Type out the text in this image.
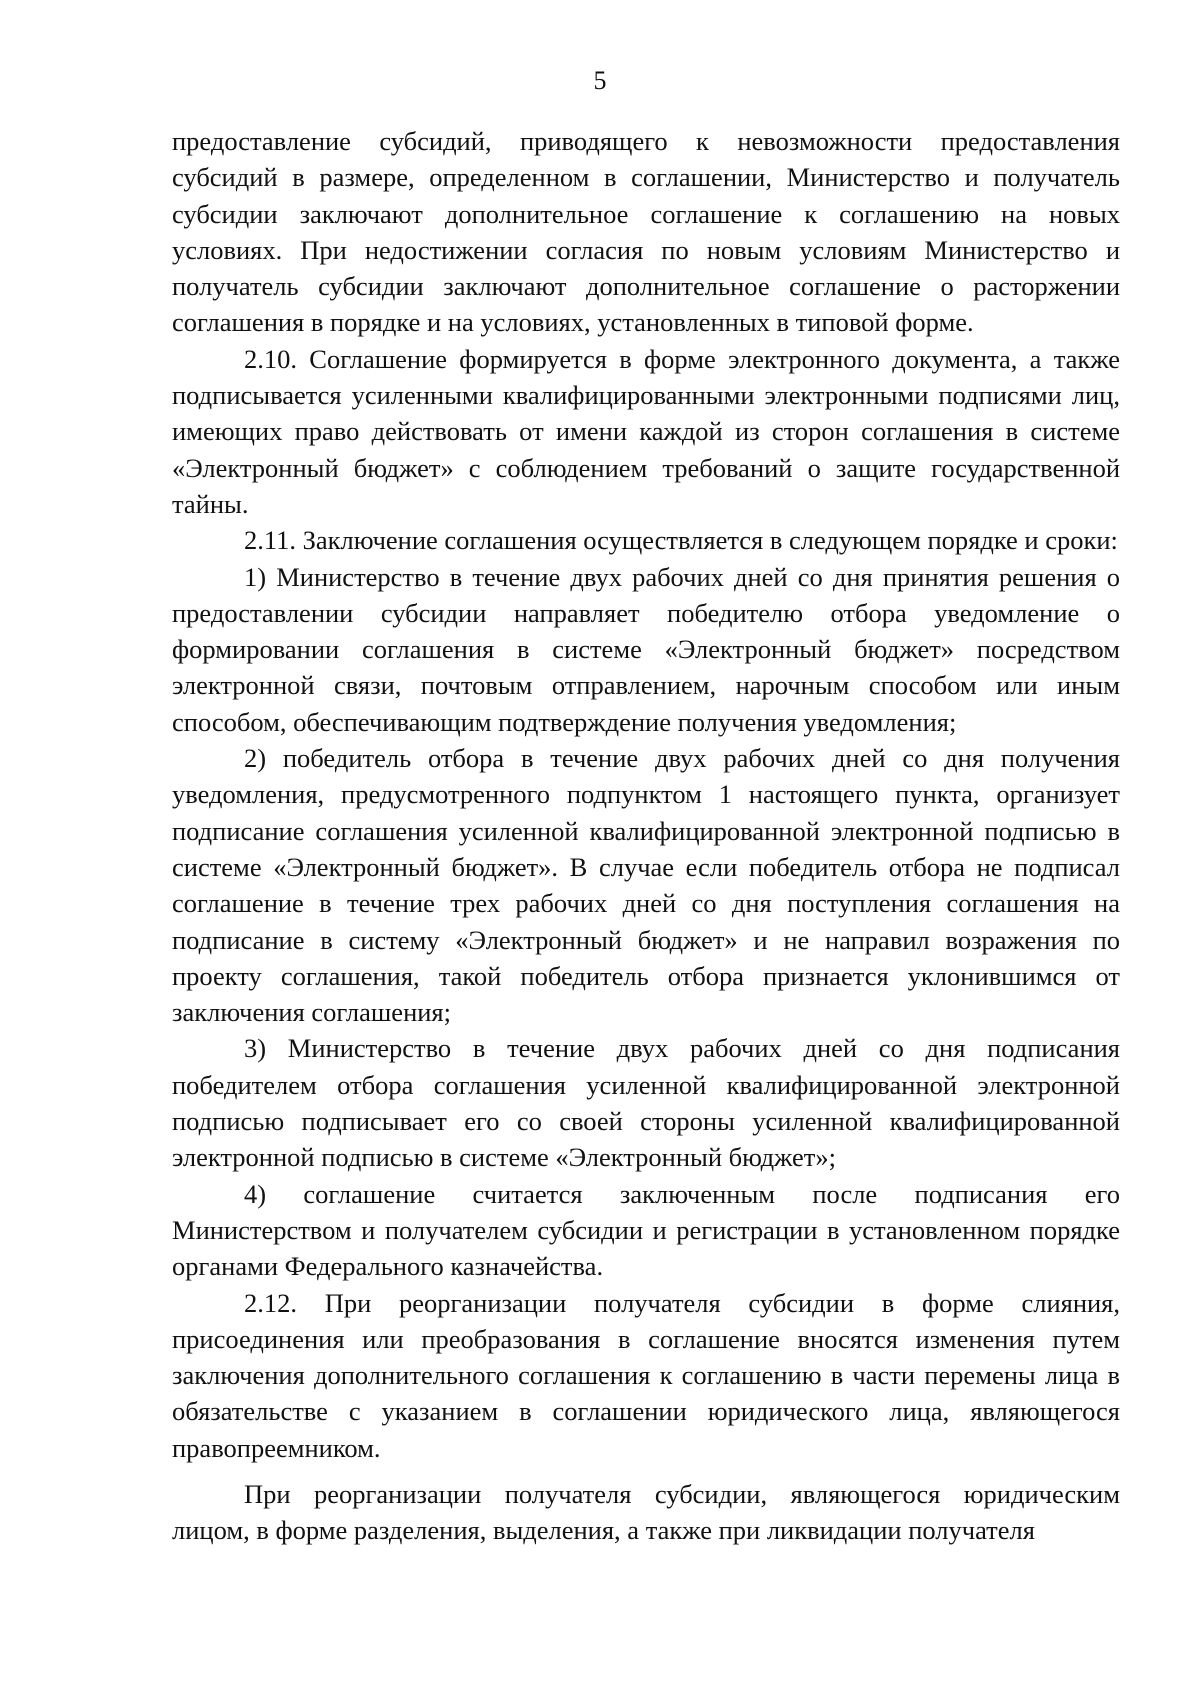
5

предоставление субсидий, приводящего к невозможности предоставления субсидий в размере, определенном в соглашении, Министерство и получатель субсидии заключают дополнительное соглашение к соглашению на новых условиях. При недостижении согласия по новым условиям Министерство и получатель субсидии заключают дополнительное соглашение о расторжении соглашения в порядке и на условиях, установленных в типовой форме.

2.10. Соглашение формируется в форме электронного документа, а также подписывается усиленными квалифицированными электронными подписями лиц, имеющих право действовать от имени каждой из сторон соглашения в системе «Электронный бюджет» с соблюдением требований о защите государственной тайны.

2.11. Заключение соглашения осуществляется в следующем порядке и сроки:

1) Министерство в течение двух рабочих дней со дня принятия решения о предоставлении субсидии направляет победителю отбора уведомление о формировании соглашения в системе «Электронный бюджет» посредством электронной связи, почтовым отправлением, нарочным способом или иным способом, обеспечивающим подтверждение получения уведомления;

2) победитель отбора в течение двух рабочих дней со дня получения уведомления, предусмотренного подпунктом 1 настоящего пункта, организует подписание соглашения усиленной квалифицированной электронной подписью в системе «Электронный бюджет». В случае если победитель отбора не подписал соглашение в течение трех рабочих дней со дня поступления соглашения на подписание в систему «Электронный бюджет» и не направил возражения по проекту соглашения, такой победитель отбора признается уклонившимся от заключения соглашения;

3) Министерство в течение двух рабочих дней со дня подписания победителем отбора соглашения усиленной квалифицированной электронной подписью подписывает его со своей стороны усиленной квалифицированной электронной подписью в системе «Электронный бюджет»;

4) соглашение считается заключенным после подписания его Министерством и получателем субсидии и регистрации в установленном порядке органами Федерального казначейства.

2.12. При реорганизации получателя субсидии в форме слияния, присоединения или преобразования в соглашение вносятся изменения путем заключения дополнительного соглашения к соглашению в части перемены лица в обязательстве с указанием в соглашении юридического лица, являющегося правопреемником.

При реорганизации получателя субсидии, являющегося юридическим лицом, в форме разделения, выделения, а также при ликвидации получателя
